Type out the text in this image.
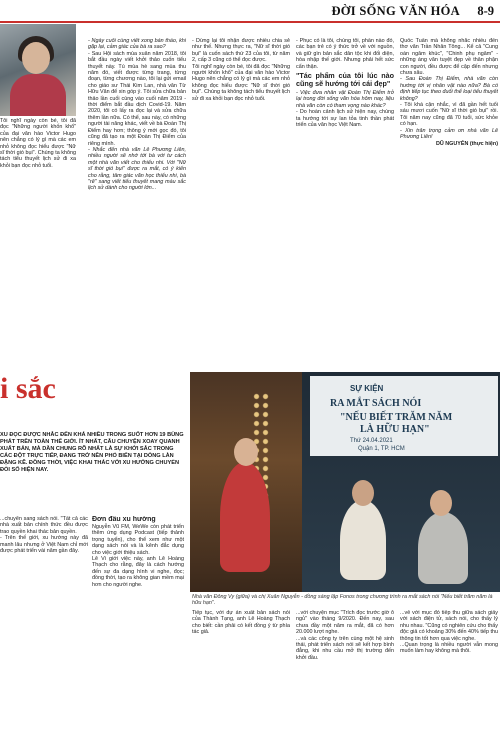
ĐỜI SỐNG VĂN HÓA 8-9

Tôi nghĩ ngày còn bé, tôi đã đọc "Những người khốn khổ" của đại văn hào Victor Hugo nên chẳng có lý gì mà các em nhỏ không đọc hiểu được "Nữ sĩ thời gió bụi". Chúng ta không tách tiểu thuyết lịch sử đi xa khỏi bạn đọc nhỏ tuổi.

- Ngày cuối cùng viết xong bản thảo, khi gặp lại, cảm giác của bà ra sao?

- Sau Hội sách mùa xuân năm 2018, tôi bắt đầu ngày viết khởi thảo cuốn tiểu thuyết này. Tú mùa hè sang mùa thu năm đó, viết được từng trang, từng đoạn, từng chương nào, tôi lại gửi email cho giáo sư Thái Kim Lan, nhà văn Từ Hữu Văn để xin góp ý. Tôi sửa chữa bản thảo lần cuối cùng vào cuối năm 2019 - thời điểm bắt đầu dịch Covid-19. Năm 2020, tôi có lấy ra đọc lại và sửa chữa thêm lần nữa. Có thể, sau này, có những người tài năng khác, viết về bà Đoàn Thị Điểm hay hơn; thông ý mới gọc đó, tôi cũng đã tạo ra một Đoàn Thị Điểm của riêng mình.

- Nhắc đến nhà văn Lê Phương Liên, nhiều người sẽ nhớ tới bà với tư cách một nhà văn viết cho thiếu nhi. Với "Nữ sĩ thời gió bụi" được ra mắt, có ý kiến cho rằng, tâm giác văn học thiếu nhi, bà "rẽ" sang viết tiểu thuyết mang màu sắc lịch sử dành cho người lớn...

- Dừng lại tôi nhận được nhiều chia sẻ như thế. Nhưng thực ra, "Nữ sĩ thời gió bụi" là cuốn sách thứ 23 của tôi, từ năm 2, cấp 3 cũng có thể đọc được.

Tôi nghĩ ngày còn bé, tôi đã đọc "Những người khốn khổ" của đại văn hào Victor Hugo nên chẳng có lý gì mà các em nhỏ không đọc hiểu được "Nữ sĩ thời gió bụi". Chúng ta không tách tiểu thuyết lịch sử đi xa khỏi bạn đọc nhỏ tuổi.

- Phục có là tôi, chúng tôi, phần nào đó, các bạn trẻ có ý thức trở về với nguồn, và giữ gìn bản sắc dân tộc khi đối diện, hòa nhập thế giới. Nhưng phải hết sức cẩn thận.

"Tác phẩm của tôi lúc nào cũng sẽ hướng tới cái đẹp"

- Việc đưa nhân vật Đoàn Thị Điểm trở lại trong đời sống văn hóa hôm nay, liệu nhà văn còn có tham vọng nào khác?

- Do hoàn cảnh lịch sử hiện nay, chúng ta hướng tới sự lan tỏa tinh thần phát triển của văn học Việt Nam.

Quốc Tuấn mà không nhắc nhiều đến thơ văn Trần Nhân Tông... Kể cả "Cung oán ngâm khúc", "Chinh phụ ngâm" - những áng văn tuyệt đẹp về thân phận con người, đều được để cập đến nhưng chưa sâu.

- Sau Đoàn Thị Điểm, nhà văn còn hướng tới vị nhân vật nào nữa? Bà có định tiếp tục theo đuổi thể loại tiểu thuyết không?

- Tôi khá cận nhắc, vì đã gần hết tuổi sáu mươi cuốn "Nữ sĩ thời gió bụi" rồi. Tôi năm nay cũng đã 70 tuổi, sức khỏe có hạn.

- Xin trân trọng cảm ơn nhà văn Lê Phương Liên!

DŨ NGUYỄN (thực hiện)

i sắc
XU ĐỌC ĐƯỢC NHẮC ĐẾN KHÁ NHIỀU TRONG SUỐT HƠN 19 BÙNG PHÁT TRÊN TOÀN THẾ GIỚI. ÍT NHẤT, CÂU CHUYỆN XOAY QUANH XUẤT BẢN, MÀ DẦN CHUNG RÕ NHẤT LÀ SỰ KHỞI SẮC TRONG CÁC ĐỘT TRỰC TIẾP, ĐANG TRỞ NÊN PHỔ BIẾN TẠI DÒNG LÀN ĐẶNG KẼ. ĐỒNG THỜI, VIỆC KHAI THÁC VỚI XU HƯỚNG CHUYỂN ĐỔI SỐ HIỆN NAY.
SỰ KIỆN
RA MẮT SÁCH NÓI
"NẾU BIẾT TRĂM NĂM
LÀ HỮU HẠN"
Thứ 24.04.2021
Quận 1, TP. HCM
Nhà văn Đông Vy (giữa) và chị Xuân Nguyễn - đồng sáng lập Fonos trong chương trình ra mắt sách nói "Nếu biết trăm năm là hữu hạn".

...chuyển sang sách nói. "Tất cả các nhà xuất bản chính thức đều được trao quyền khai thác bản quyền.

- Trên thế giới, xu hướng này đã manh lâu nhưng ở Việt Nam chỉ mới được phát triển vài năm gần đây.

Đơn đầu xu hướng

Nguyễn Vũ FM, WeWe còn phát triển thêm ứng dụng Podcast (tiếp thảnh trọng tuyển), cho thể xem như một dạng sách nói và là kênh đắc dụng cho việc giới thiệu sách.

Lê Vi giới việc này, anh Lê Hoàng Thạch cho rằng, đây là cách hướng đến sự đa dạng hình vi nghe, đọc; đồng thời, tạo ra không gian mềm mại hơn cho người nghe.

Tiếp tục, với dự án xuất bản sách nói của Thành Tạng, anh Lê Hoàng Thạch cho biết: cần phải có kết đồng ý từ phía tác giả.

...với chuyện mục "Trích đọc trước giờ ô ngủ" vào tháng 9/2020. Đến nay, sau chưa đầy một năm ra mắt, đã có hơn 20.000 lượt nghe.

...và các công ty trên cùng một hệ sinh thái, phát triển sách nói sẽ kết hợp bình đẳng, khi nhu cầu mở thị trường đến khởi đầu.

...vẻ với mục đó tiếp thu giữa sách giấy với sách điện tử, sách nói, cho thấy lý nhu nhau. "Cũng có nghiên cứu cho thấy độc giả có khoảng 30% đến 40% tiếp thu thông tin tốt hơn qua việc nghe.

...Quan trọng là nhiều người vẫn mong muốn làm hay không mà thôi.
